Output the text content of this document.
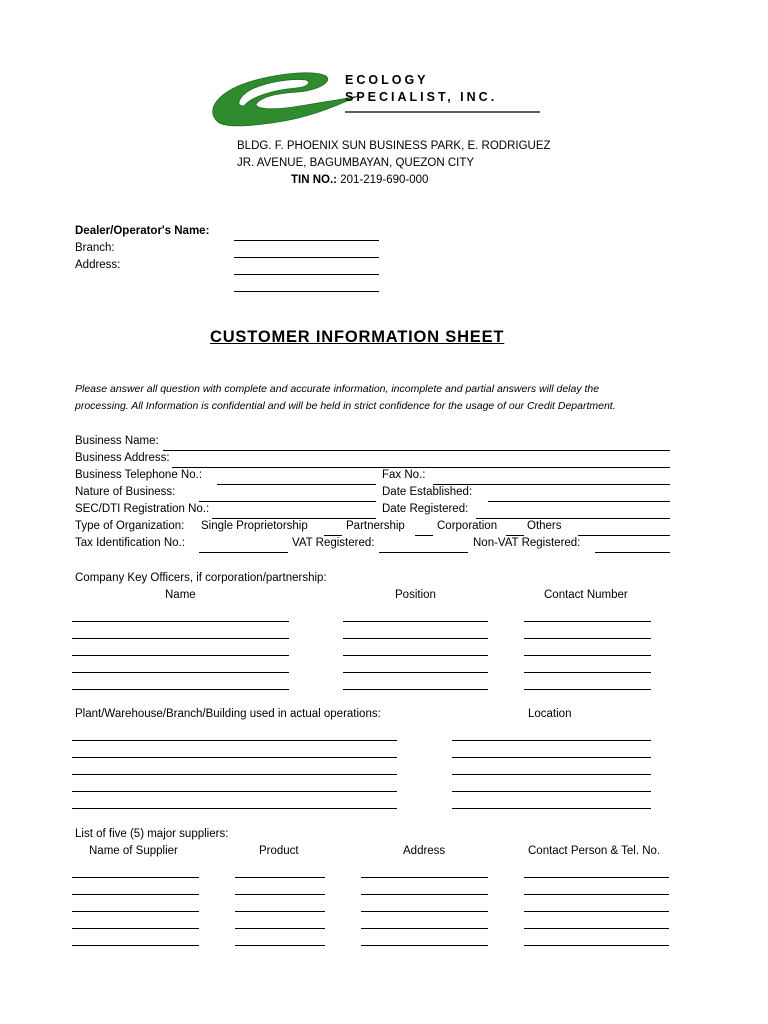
ECOLOGY
SPECIALIST, INC.
BLDG. F. PHOENIX SUN BUSINESS PARK, E. RODRIGUEZ
JR. AVENUE, BAGUMBAYAN, QUEZON CITY
TIN NO.: 201-219-690-000
Dealer/Operator's Name:
Branch:
Address:
CUSTOMER INFORMATION SHEET
Please answer all question with complete and accurate information, incomplete and partial answers will delay the
processing. All Information is confidential and will be held in strict confidence for the usage of our Credit Department.
Business Name:
Business Address:
Business Telephone No.:	Fax No.:
Nature of Business:	Date Established:
SEC/DTI Registration No.:	Date Registered:
Type of Organization: Single Proprietorship	Partnership	Corporation	Others
Tax Identification No.:	VAT Registered:	Non-VAT Registered:
Company Key Officers, if corporation/partnership:
Name	Position	Contact Number
Plant/Warehouse/Branch/Building used in actual operations:	Location
List of five (5) major suppliers:
Name of Supplier	Product	Address	Contact Person & Tel. No.
